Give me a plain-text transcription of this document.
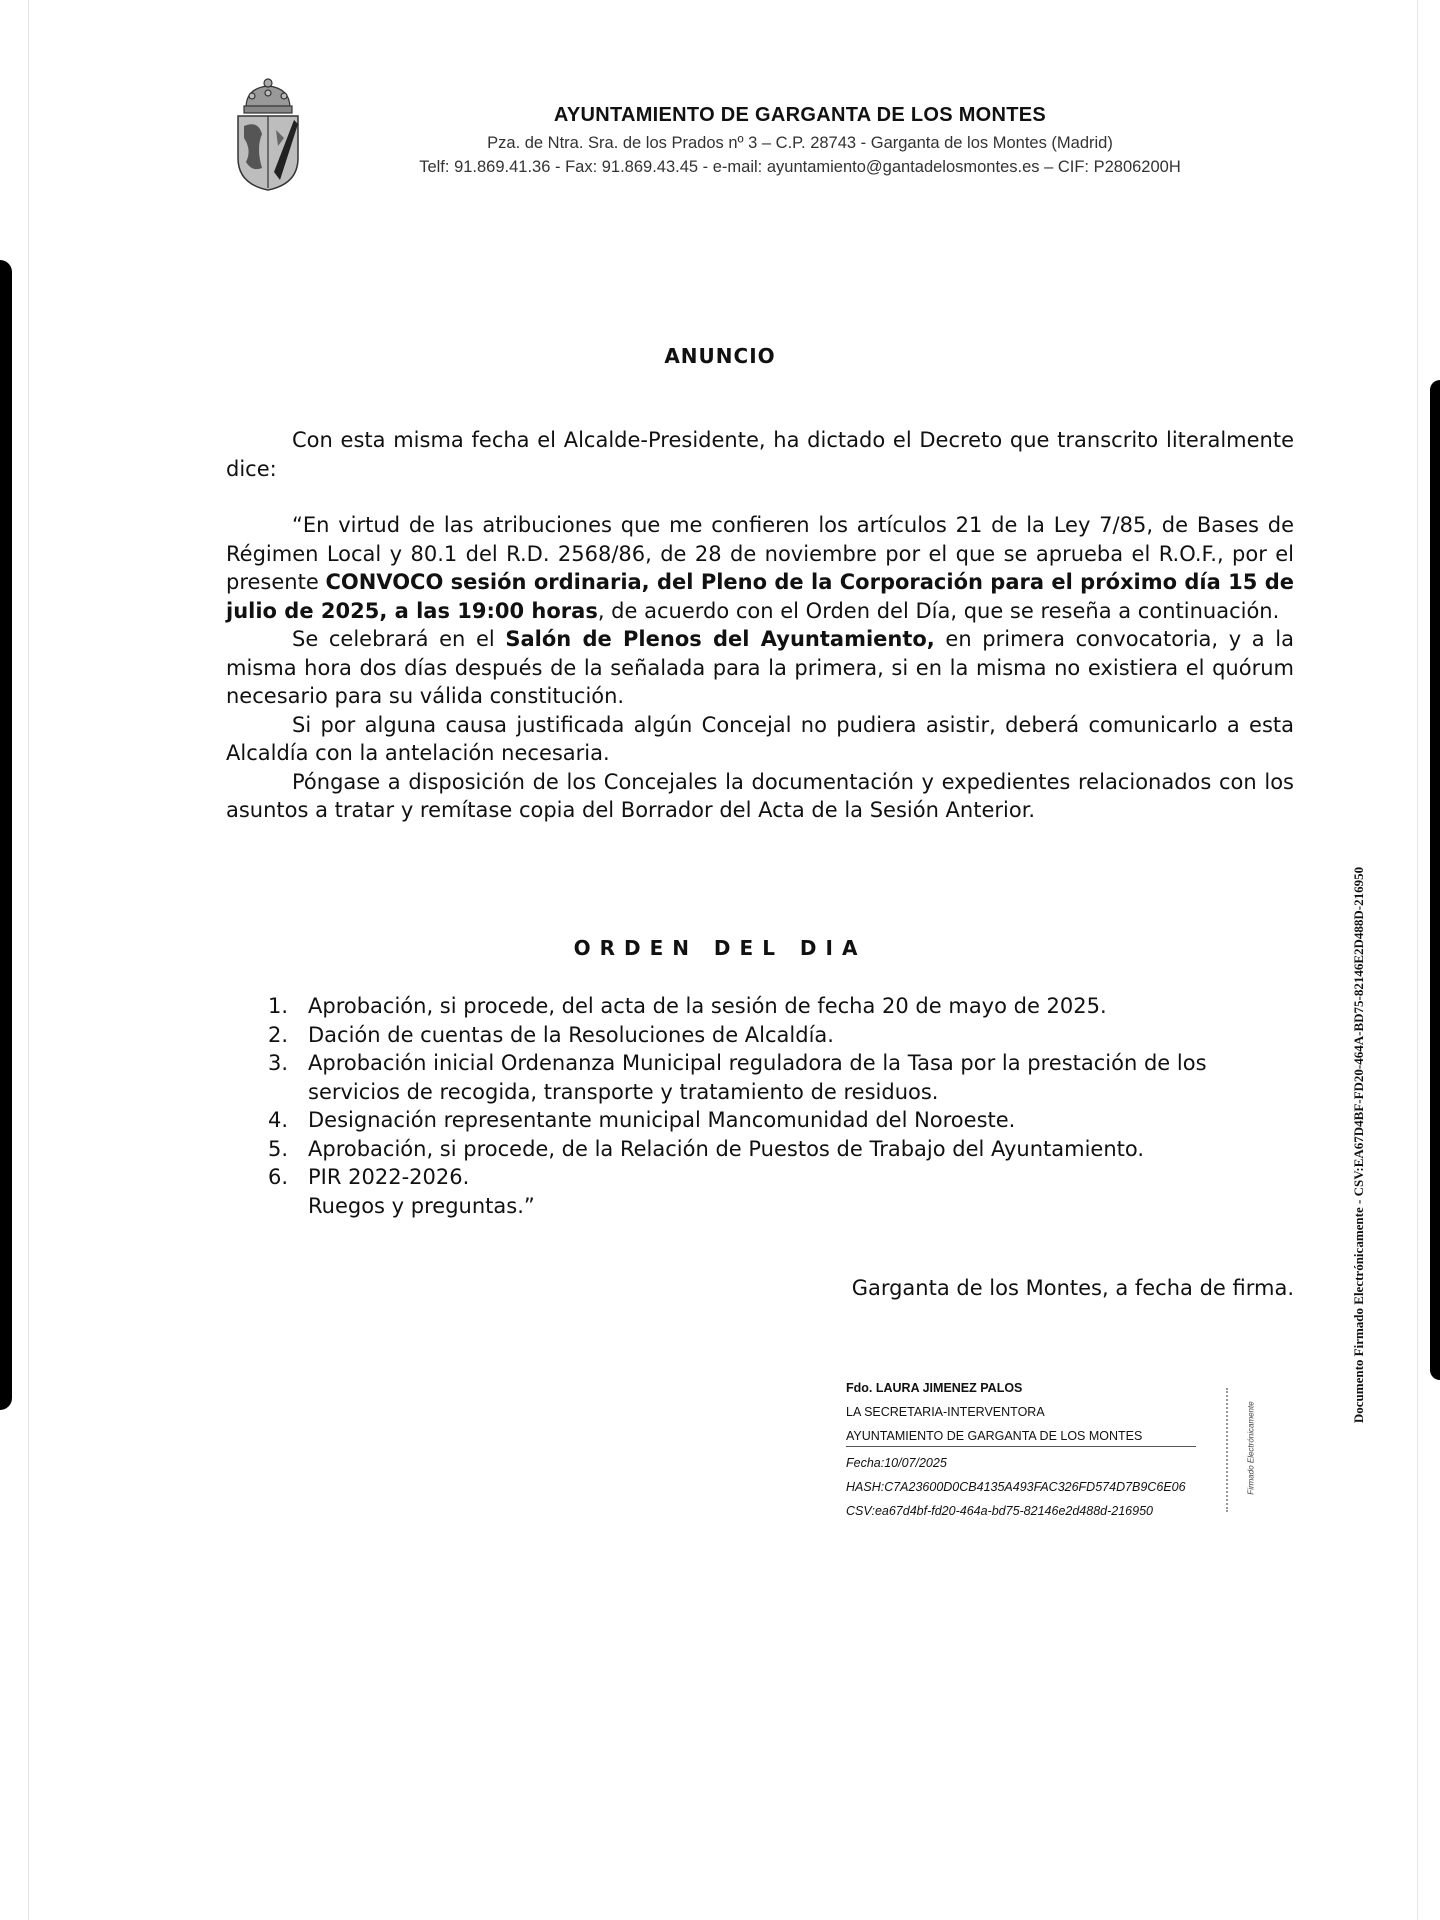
AYUNTAMIENTO DE GARGANTA DE LOS MONTES
Pza. de Ntra. Sra. de los Prados nº 3 – C.P. 28743 - Garganta de los Montes (Madrid)
Telf: 91.869.41.36 - Fax: 91.869.43.45 - e-mail: ayuntamiento@gantadelosmontes.es – CIF: P2806200H
ANUNCIO

Con esta misma fecha el Alcalde-Presidente, ha dictado el Decreto que transcrito literalmente dice:

“En virtud de las atribuciones que me confieren los artículos 21 de la Ley 7/85, de Bases de Régimen Local y 80.1 del R.D. 2568/86, de 28 de noviembre por el que se aprueba el R.O.F., por el presente CONVOCO sesión ordinaria, del Pleno de la Corporación para el próximo día 15 de julio de 2025, a las 19:00 horas, de acuerdo con el Orden del Día, que se reseña a continuación.

Se celebrará en el Salón de Plenos del Ayuntamiento, en primera convocatoria, y a la misma hora dos días después de la señalada para la primera, si en la misma no existiera el quórum necesario para su válida constitución.

Si por alguna causa justificada algún Concejal no pudiera asistir, deberá comunicarlo a esta Alcaldía con la antelación necesaria.

Póngase a disposición de los Concejales la documentación y expedientes relacionados con los asuntos a tratar y remítase copia del Borrador del Acta de la Sesión Anterior.

ORDEN DEL DIA
1. Aprobación, si procede, del acta de la sesión de fecha 20 de mayo de 2025.
2. Dación de cuentas de la Resoluciones de Alcaldía.
3. Aprobación inicial Ordenanza Municipal reguladora de la Tasa por la prestación de los servicios de recogida, transporte y tratamiento de residuos.
4. Designación representante municipal Mancomunidad del Noroeste.
5. Aprobación, si procede, de la Relación de Puestos de Trabajo del Ayuntamiento.
6. PIR 2022-2026.
Ruegos y preguntas.”
Garganta de los Montes, a fecha de firma.
Fdo. LAURA JIMENEZ PALOS
LA SECRETARIA-INTERVENTORA
AYUNTAMIENTO DE GARGANTA DE LOS MONTES
Fecha:10/07/2025
HASH:C7A23600D0CB4135A493FAC326FD574D7B9C6E06
CSV:ea67d4bf-fd20-464a-bd75-82146e2d488d-216950
Firmado Electrónicamente
Documento Firmado Electrónicamente - CSV:EA67D4BF-FD20-464A-BD75-82146E2D488D-216950
